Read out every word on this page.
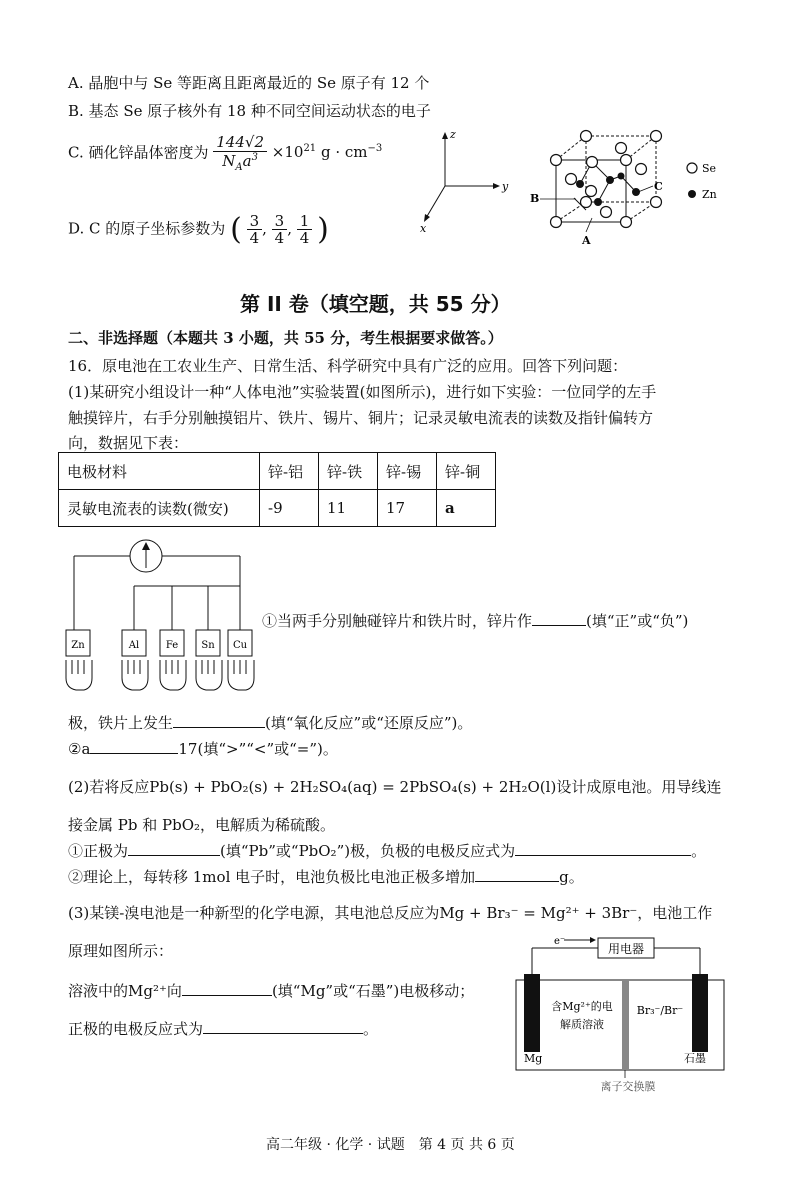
A. 晶胞中与 Se 等距离且距离最近的 Se 原子有 12 个
B. 基态 Se 原子核外有 18 种不同空间运动状态的电子
C. 硒化锌晶体密度为 $\frac{144√2}{N_Aa^3} \times 10^{21}$ $g \cdot cm^{-3}$
D. C 的原子坐标参数为 ( $\frac{3}{4}$ , $\frac{3}{4}$ , $\frac{1}{4}$ )
z
y
x
B
C
A
Se
Zn
第 II 卷（填空题，共 55 分）
二、非选择题（本题共 3 小题，共 55 分，考生根据要求做答。）
16．原电池在工农业生产、日常生活、科学研究中具有广泛的应用。回答下列问题：
(1)某研究小组设计一种“人体电池”实验装置(如图所示)，进行如下实验：一位同学的左手
触摸锌片，右手分别触摸铝片、铁片、锡片、铜片；记录灵敏电流表的读数及指针偏转方
向，数据见下表：
电极材料	锌-铝	锌-铁	锌-锡	锌-铜
灵敏电流表的读数(微安)	-9	11	17	a
Zn	Al	Fe Sn Cu
①当两手分别触碰锌片和铁片时，锌片作	(填“正”或“负”)
极，铁片上发生	(填“氧化反应”或“还原反应”)。
②a	17(填“>”“<”或“=”)。
(2)若将反应Pb(s) + PbO₂(s) + 2H₂SO₄(aq) = 2PbSO₄(s) + 2H₂O(l)设计成原电池。用导线连
接金属 Pb 和 PbO₂，电解质为稀硫酸。
①正极为	(填“Pb”或“PbO₂”)极，负极的电极反应式为	。
②理论上，每转移 1mol 电子时，电池负极比电池正极多增加	g。
(3)某镁-溴电池是一种新型的化学电源，其电池总反应为Mg + Br₃⁻ = Mg²⁺ + 3Br⁻，电池工作
原理如图所示：
溶液中的Mg²⁺向	(填“Mg”或“石墨”)电极移动；
正极的电极反应式为	。
e⁻
用电器
含Mg²⁺的电
解质溶液
Br₃⁻/Br⁻
Mg	石墨
离子交换膜
高二年级 · 化学 · 试题　第 4 页 共 6 页
